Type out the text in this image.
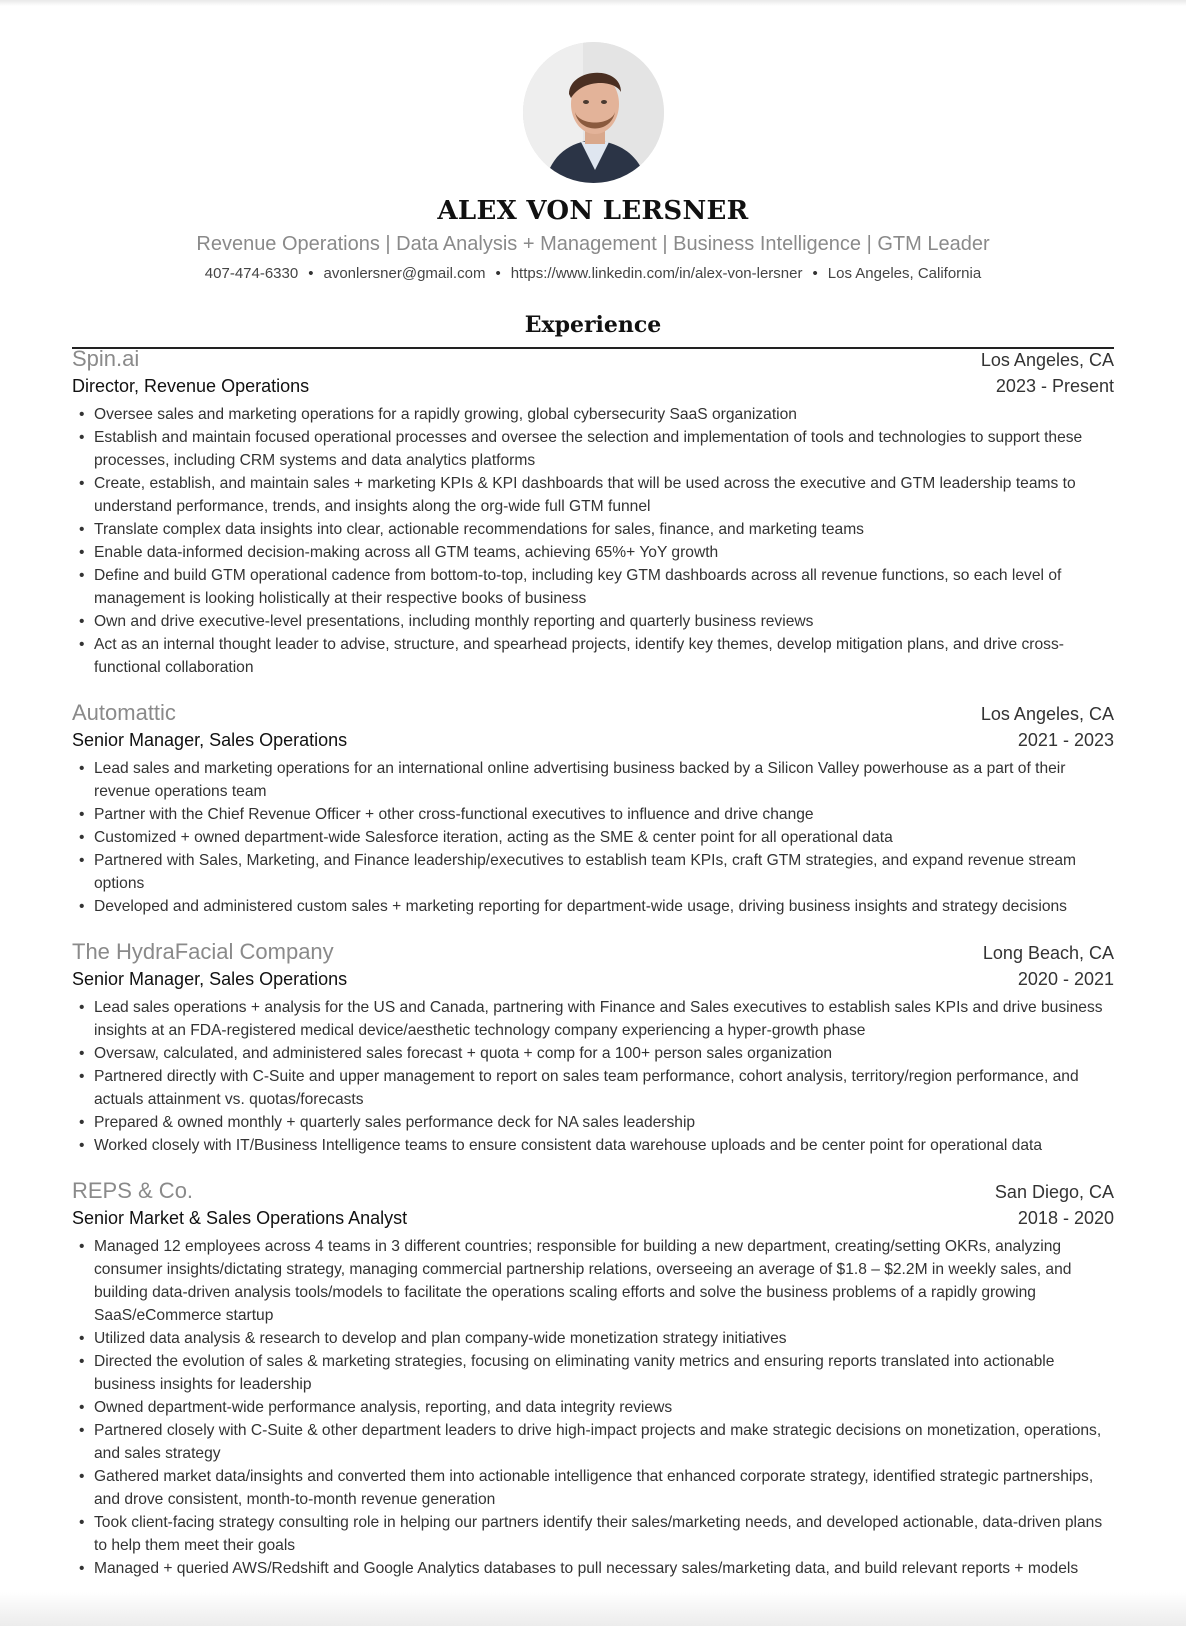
ALEX VON LERSNER
Revenue Operations | Data Analysis + Management | Business Intelligence | GTM Leader
407-474-6330 • avonlersner@gmail.com • https://www.linkedin.com/in/alex-von-lersner • Los Angeles, California
Experience
Spin.ai	Los Angeles, CA
Director, Revenue Operations	2023 - Present
• Oversee sales and marketing operations for a rapidly growing, global cybersecurity SaaS organization
• Establish and maintain focused operational processes and oversee the selection and implementation of tools and technologies to support these processes, including CRM systems and data analytics platforms
• Create, establish, and maintain sales + marketing KPIs & KPI dashboards that will be used across the executive and GTM leadership teams to understand performance, trends, and insights along the org-wide full GTM funnel
• Translate complex data insights into clear, actionable recommendations for sales, finance, and marketing teams
• Enable data-informed decision-making across all GTM teams, achieving 65%+ YoY growth
• Define and build GTM operational cadence from bottom-to-top, including key GTM dashboards across all revenue functions, so each level of management is looking holistically at their respective books of business
• Own and drive executive-level presentations, including monthly reporting and quarterly business reviews
• Act as an internal thought leader to advise, structure, and spearhead projects, identify key themes, develop mitigation plans, and drive cross-functional collaboration
Automattic	Los Angeles, CA
Senior Manager, Sales Operations	2021 - 2023
• Lead sales and marketing operations for an international online advertising business backed by a Silicon Valley powerhouse as a part of their revenue operations team
• Partner with the Chief Revenue Officer + other cross-functional executives to influence and drive change
• Customized + owned department-wide Salesforce iteration, acting as the SME & center point for all operational data
• Partnered with Sales, Marketing, and Finance leadership/executives to establish team KPIs, craft GTM strategies, and expand revenue stream options
• Developed and administered custom sales + marketing reporting for department-wide usage, driving business insights and strategy decisions
The HydraFacial Company	Long Beach, CA
Senior Manager, Sales Operations	2020 - 2021
• Lead sales operations + analysis for the US and Canada, partnering with Finance and Sales executives to establish sales KPIs and drive business insights at an FDA-registered medical device/aesthetic technology company experiencing a hyper-growth phase
• Oversaw, calculated, and administered sales forecast + quota + comp for a 100+ person sales organization
• Partnered directly with C-Suite and upper management to report on sales team performance, cohort analysis, territory/region performance, and actuals attainment vs. quotas/forecasts
• Prepared & owned monthly + quarterly sales performance deck for NA sales leadership
• Worked closely with IT/Business Intelligence teams to ensure consistent data warehouse uploads and be center point for operational data
REPS & Co.	San Diego, CA
Senior Market & Sales Operations Analyst	2018 - 2020
• Managed 12 employees across 4 teams in 3 different countries; responsible for building a new department, creating/setting OKRs, analyzing consumer insights/dictating strategy, managing commercial partnership relations, overseeing an average of $1.8 – $2.2M in weekly sales, and building data-driven analysis tools/models to facilitate the operations scaling efforts and solve the business problems of a rapidly growing SaaS/eCommerce startup
• Utilized data analysis & research to develop and plan company-wide monetization strategy initiatives
• Directed the evolution of sales & marketing strategies, focusing on eliminating vanity metrics and ensuring reports translated into actionable business insights for leadership
• Owned department-wide performance analysis, reporting, and data integrity reviews
• Partnered closely with C-Suite & other department leaders to drive high-impact projects and make strategic decisions on monetization, operations, and sales strategy
• Gathered market data/insights and converted them into actionable intelligence that enhanced corporate strategy, identified strategic partnerships, and drove consistent, month-to-month revenue generation
• Took client-facing strategy consulting role in helping our partners identify their sales/marketing needs, and developed actionable, data-driven plans to help them meet their goals
• Managed + queried AWS/Redshift and Google Analytics databases to pull necessary sales/marketing data, and build relevant reports + models
